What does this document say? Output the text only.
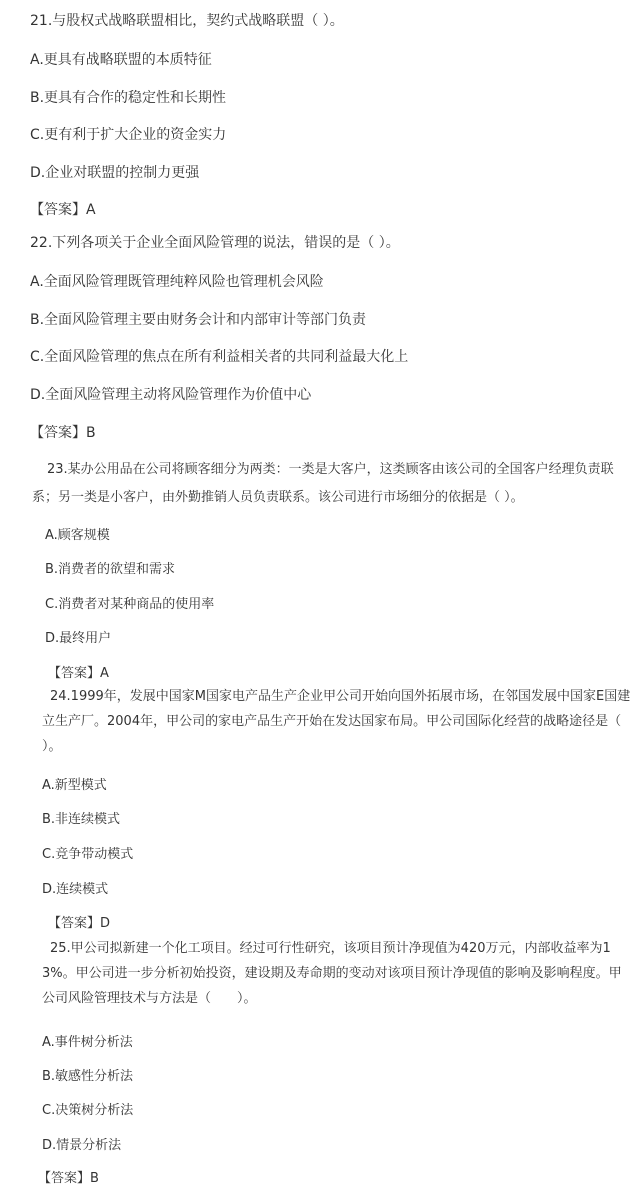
21.与股权式战略联盟相比，契约式战略联盟（ ）。
A.更具有战略联盟的本质特征
B.更具有合作的稳定性和长期性
C.更有利于扩大企业的资金实力
D.企业对联盟的控制力更强
【答案】A
22.下列各项关于企业全面风险管理的说法，错误的是（ ）。
A.全面风险管理既管理纯粹风险也管理机会风险
B.全面风险管理主要由财务会计和内部审计等部门负责
C.全面风险管理的焦点在所有利益相关者的共同利益最大化上
D.全面风险管理主动将风险管理作为价值中心
【答案】B
23.某办公用品在公司将顾客细分为两类：一类是大客户，这类顾客由该公司的全国客户经理负责联系；另一类是小客户，由外勤推销人员负责联系。该公司进行市场细分的依据是（ ）。
A.顾客规模
B.消费者的欲望和需求
C.消费者对某种商品的使用率
D.最终用户
【答案】A
24.1999年，发展中国家M国家电产品生产企业甲公司开始向国外拓展市场，在邻国发展中国家E国建立生产厂。2004年，甲公司的家电产品生产开始在发达国家布局。甲公司国际化经营的战略途径是（ ）。
A.新型模式
B.非连续模式
C.竞争带动模式
D.连续模式
【答案】D
25.甲公司拟新建一个化工项目。经过可行性研究，该项目预计净现值为420万元，内部收益率为13%。甲公司进一步分析初始投资，建设期及寿命期的变动对该项目预计净现值的影响及影响程度。甲公司风险管理技术与方法是（　　）。
A.事件树分析法
B.敏感性分析法
C.决策树分析法
D.情景分析法
【答案】B
